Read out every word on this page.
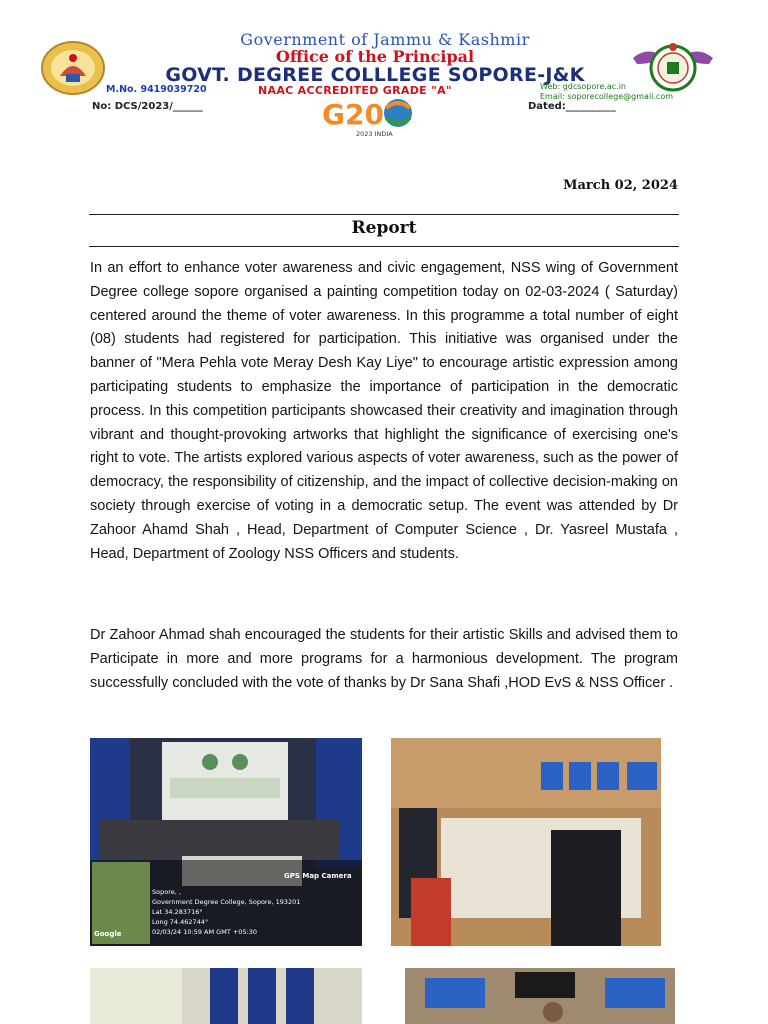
Government of Jammu & Kashmir
Office of the Principal
GOVT. DEGREE COLLLEGE SOPORE-J&K
M.No. 9419039720	NAAC ACCREDITED GRADE "A"	Web: gdcsopore.ac.in
Email: soporecollege@gmail.com
No: DCS/2023/______	Dated:__________
G20
2023 INDIA
March 02, 2024
Report
In an effort to enhance voter awareness and civic engagement, NSS wing of Government Degree college sopore organised a painting competition today on 02-03-2024 ( Saturday) centered around the theme of voter awareness. In this programme a total number of eight (08) students had registered for participation. This initiative was organised under the banner of "Mera Pehla vote Meray Desh Kay Liye" to encourage artistic expression among participating students to emphasize the importance of participation in the democratic process. In this competition participants showcased their creativity and imagination through vibrant and thought-provoking artworks that highlight the significance of exercising one's right to vote. The artists explored various aspects of voter awareness, such as the power of democracy, the responsibility of citizenship, and the impact of collective decision-making on society through exercise of voting in a democratic setup. The event was attended by Dr Zahoor Ahamd Shah , Head, Department of Computer Science , Dr. Yasreel Mustafa , Head, Department of Zoology NSS Officers and students.
Dr Zahoor Ahmad shah encouraged the students for their artistic Skills and advised them to Participate in more and more programs for a harmonious development. The program successfully concluded with the vote of thanks by Dr Sana Shafi ,HOD EvS & NSS Officer .
Google
GPS Map Camera
Sopore, ,
Government Degree College, Sopore, 193201
Lat 34.283716°
Long 74.462744°
02/03/24 10:59 AM GMT +05:30
